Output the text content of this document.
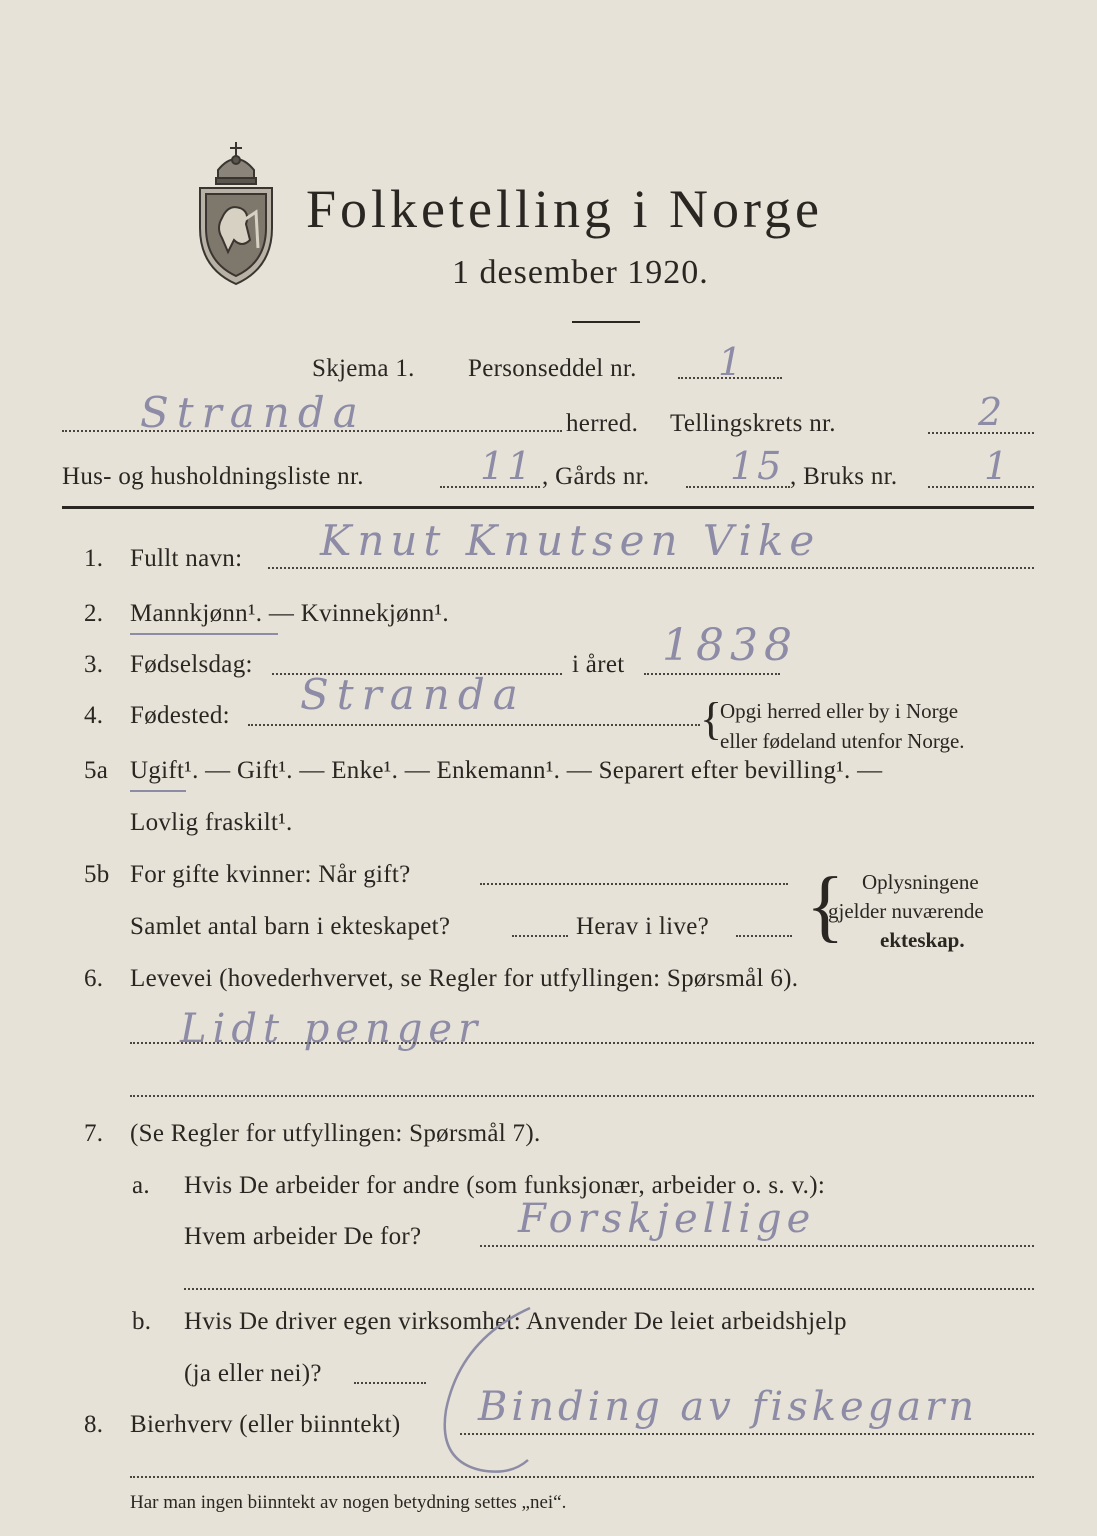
Folketelling i Norge
1 desember 1920.
Skjema 1. Personseddel nr. 1
Stranda	herred. Tellingskrets nr.	2
Hus- og husholdningsliste nr.	11 , Gårds nr. 15 , Bruks nr. 1
1. Fullt navn: Knut Knutsen Vike
2. Mannkjønn¹. — Kvinnekjønn¹.
3. Fødselsdag:	i året 1838
4. Fødested: Stranda	{
Opgi herred eller by i Norge
eller fødeland utenfor Norge.
5a Ugift¹. — Gift¹. — Enke¹. — Enkemann¹. — Separert efter bevilling¹. —
Lovlig fraskilt¹.
5b For gifte kvinner: Når gift?
Samlet antal barn i ekteskapet?	Herav i live? { Oplysningene
gjelder nuværende
ekteskap.
6. Levevei (hovederhvervet, se Regler for utfyllingen: Spørsmål 6).
Lidt penger
7. (Se Regler for utfyllingen: Spørsmål 7).
a. Hvis De arbeider for andre (som funksjonær, arbeider o. s. v.):
Hvem arbeider De for? Forskjellige
b. Hvis De driver egen virksomhet: Anvender De leiet arbeidshjelp
(ja eller nei)?
8. Bierhverv (eller biinntekt) Binding av fiskegarn
Har man ingen biinntekt av nogen betydning settes „nei“.
